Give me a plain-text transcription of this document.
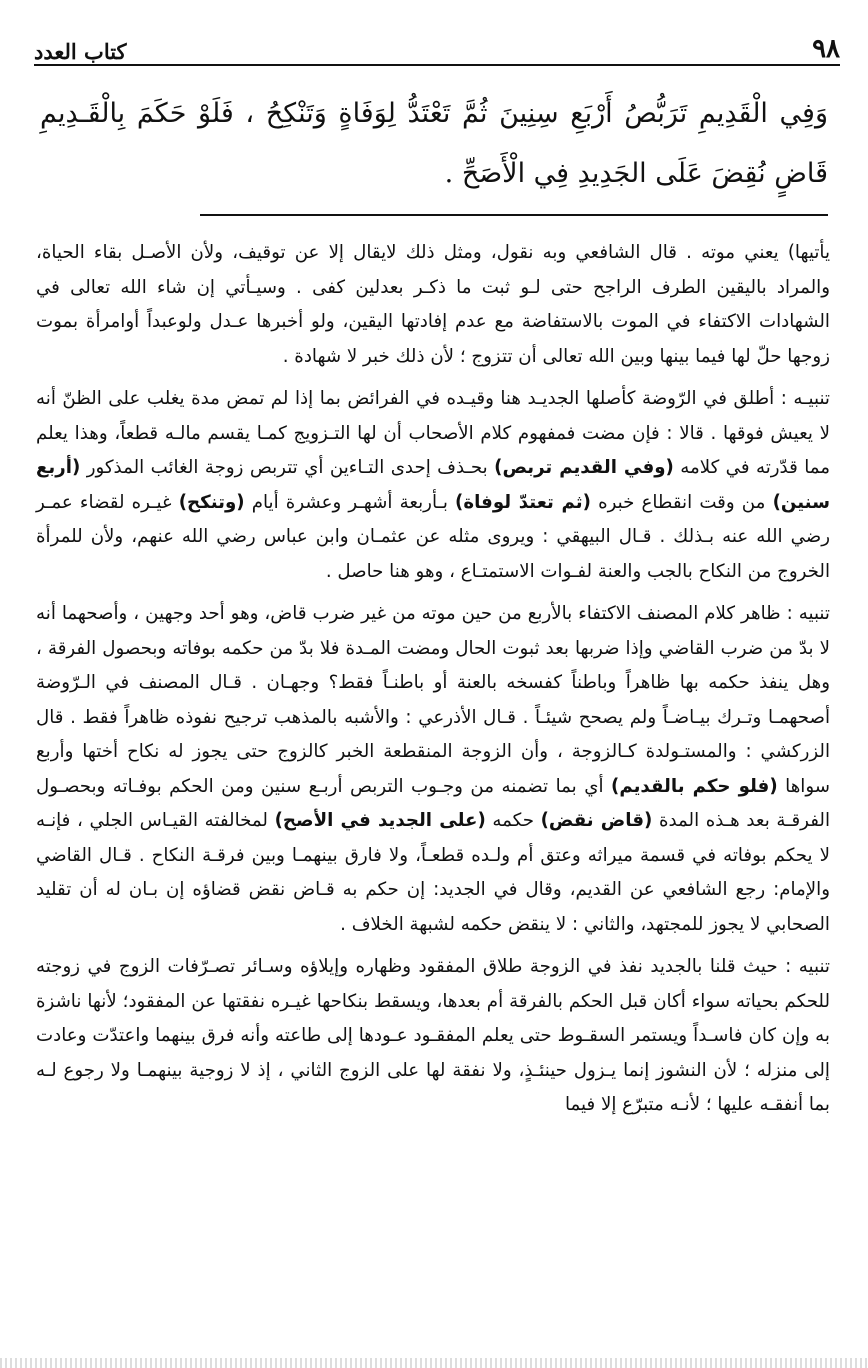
٩٨
كتاب العدد
وَفِي الْقَدِيمِ تَرَبُّصُ أَرْبَعِ سِنِينَ ثُمَّ تَعْتَدُّ لِوَفَاةٍ وَتَنْكِحُ ، فَلَوْ حَكَمَ بِالْقَـدِيمِ قَاضٍ نُقِضَ عَلَى الجَدِيدِ فِي الْأَصَحِّ .

يأتيها) يعني موته . قال الشافعي وبه نقول، ومثل ذلك لايقال إلا عن توقيف، ولأن الأصـل بقاء الحياة، والمراد باليقين الطرف الراجح حتى لـو ثبت ما ذكـر بعدلين كفى . وسيـأتي إن شاء الله تعالى في الشهادات الاكتفاء في الموت بالاستفاضة مع عدم إفادتها اليقين، ولو أخبرها عـدل ولوعبداً أوامرأة بموت زوجها حلّ لها فيما بينها وبين الله تعالى أن تتزوج ؛ لأن ذلك خبر لا شهادة .

تنبيـه : أطلق في الرّوضة كأصلها الجديـد هنا وقيـده في الفرائض بما إذا لم تمض مدة يغلب على الظنّ أنه لا يعيش فوقها . قالا : فإن مضت فمفهوم كلام الأصحاب أن لها التـزويج كمـا يقسم مالـه قطعاً، وهذا يعلم مما قدّرته في كلامه (وفي القديم تربص) بحـذف إحدى التـاءين أي تتربص زوجة الغائب المذكور (أربع سنين) من وقت انقطاع خبره (ثم تعتدّ لوفاة) بـأربعة أشهـر وعشرة أيام (وتنكح) غيـره لقضاء عمـر رضي الله عنه بـذلك . قـال البيهقي : ويروى مثله عن عثمـان وابن عباس رضي الله عنهم، ولأن للمرأة الخروج من النكاح بالجب والعنة لفـوات الاستمتـاع ، وهو هنا حاصل .

تنبيه : ظاهر كلام المصنف الاكتفاء بالأربع من حين موته من غير ضرب قاض، وهو أحد وجهين ، وأصحهما أنه لا بدّ من ضرب القاضي وإذا ضربها بعد ثبوت الحال ومضت المـدة فلا بدّ من حكمه بوفاته وبحصول الفرقة ، وهل ينفذ حكمه بها ظاهراً وباطناً كفسخه بالعنة أو باطنـاً فقط؟ وجهـان . قـال المصنف في الـرّوضة أصحهمـا وتـرك بيـاضـاً ولم يصحح شيئـاً . قـال الأذرعي : والأشبه بالمذهب ترجيح نفوذه ظاهراً فقط . قال الزركشي : والمستـولدة كـالزوجة ، وأن الزوجة المنقطعة الخبر كالزوج حتى يجوز له نكاح أختها وأربع سواها (فلو حكم بالقديم) أي بما تضمنه من وجـوب التربص أربـع سنين ومن الحكم بوفـاته وبحصـول الفرقـة بعد هـذه المدة (قاض نقض) حكمه (على الجديد في الأصح) لمخالفته القيـاس الجلي ، فإنـه لا يحكم بوفاته في قسمة ميراثه وعتق أم ولـده قطعـاً، ولا فارق بينهمـا وبين فرقـة النكاح . قـال القاضي والإمام: رجع الشافعي عن القديم، وقال في الجديد: إن حكم به قـاض نقض قضاؤه إن بـان له أن تقليد الصحابي لا يجوز للمجتهد، والثاني : لا ينقض حكمه لشبهة الخلاف .

تنبيه : حيث قلنا بالجديد نفذ في الزوجة طلاق المفقود وظهاره وإيلاؤه وسـائر تصـرّفات الزوج في زوجته للحكم بحياته سواء أكان قبل الحكم بالفرقة أم بعدها، ويسقط بنكاحها غيـره نفقتها عن المفقود؛ لأنها ناشزة به وإن كان فاسـداً ويستمر السقـوط حتى يعلم المفقـود عـودها إلى طاعته وأنه فرق بينهما واعتدّت وعادت إلى منزله ؛ لأن النشوز إنما يـزول حينئـذٍ، ولا نفقة لها على الزوج الثاني ، إذ لا زوجية بينهمـا ولا رجوع لـه بما أنفقـه عليها ؛ لأنـه متبرّع إلا فيما
